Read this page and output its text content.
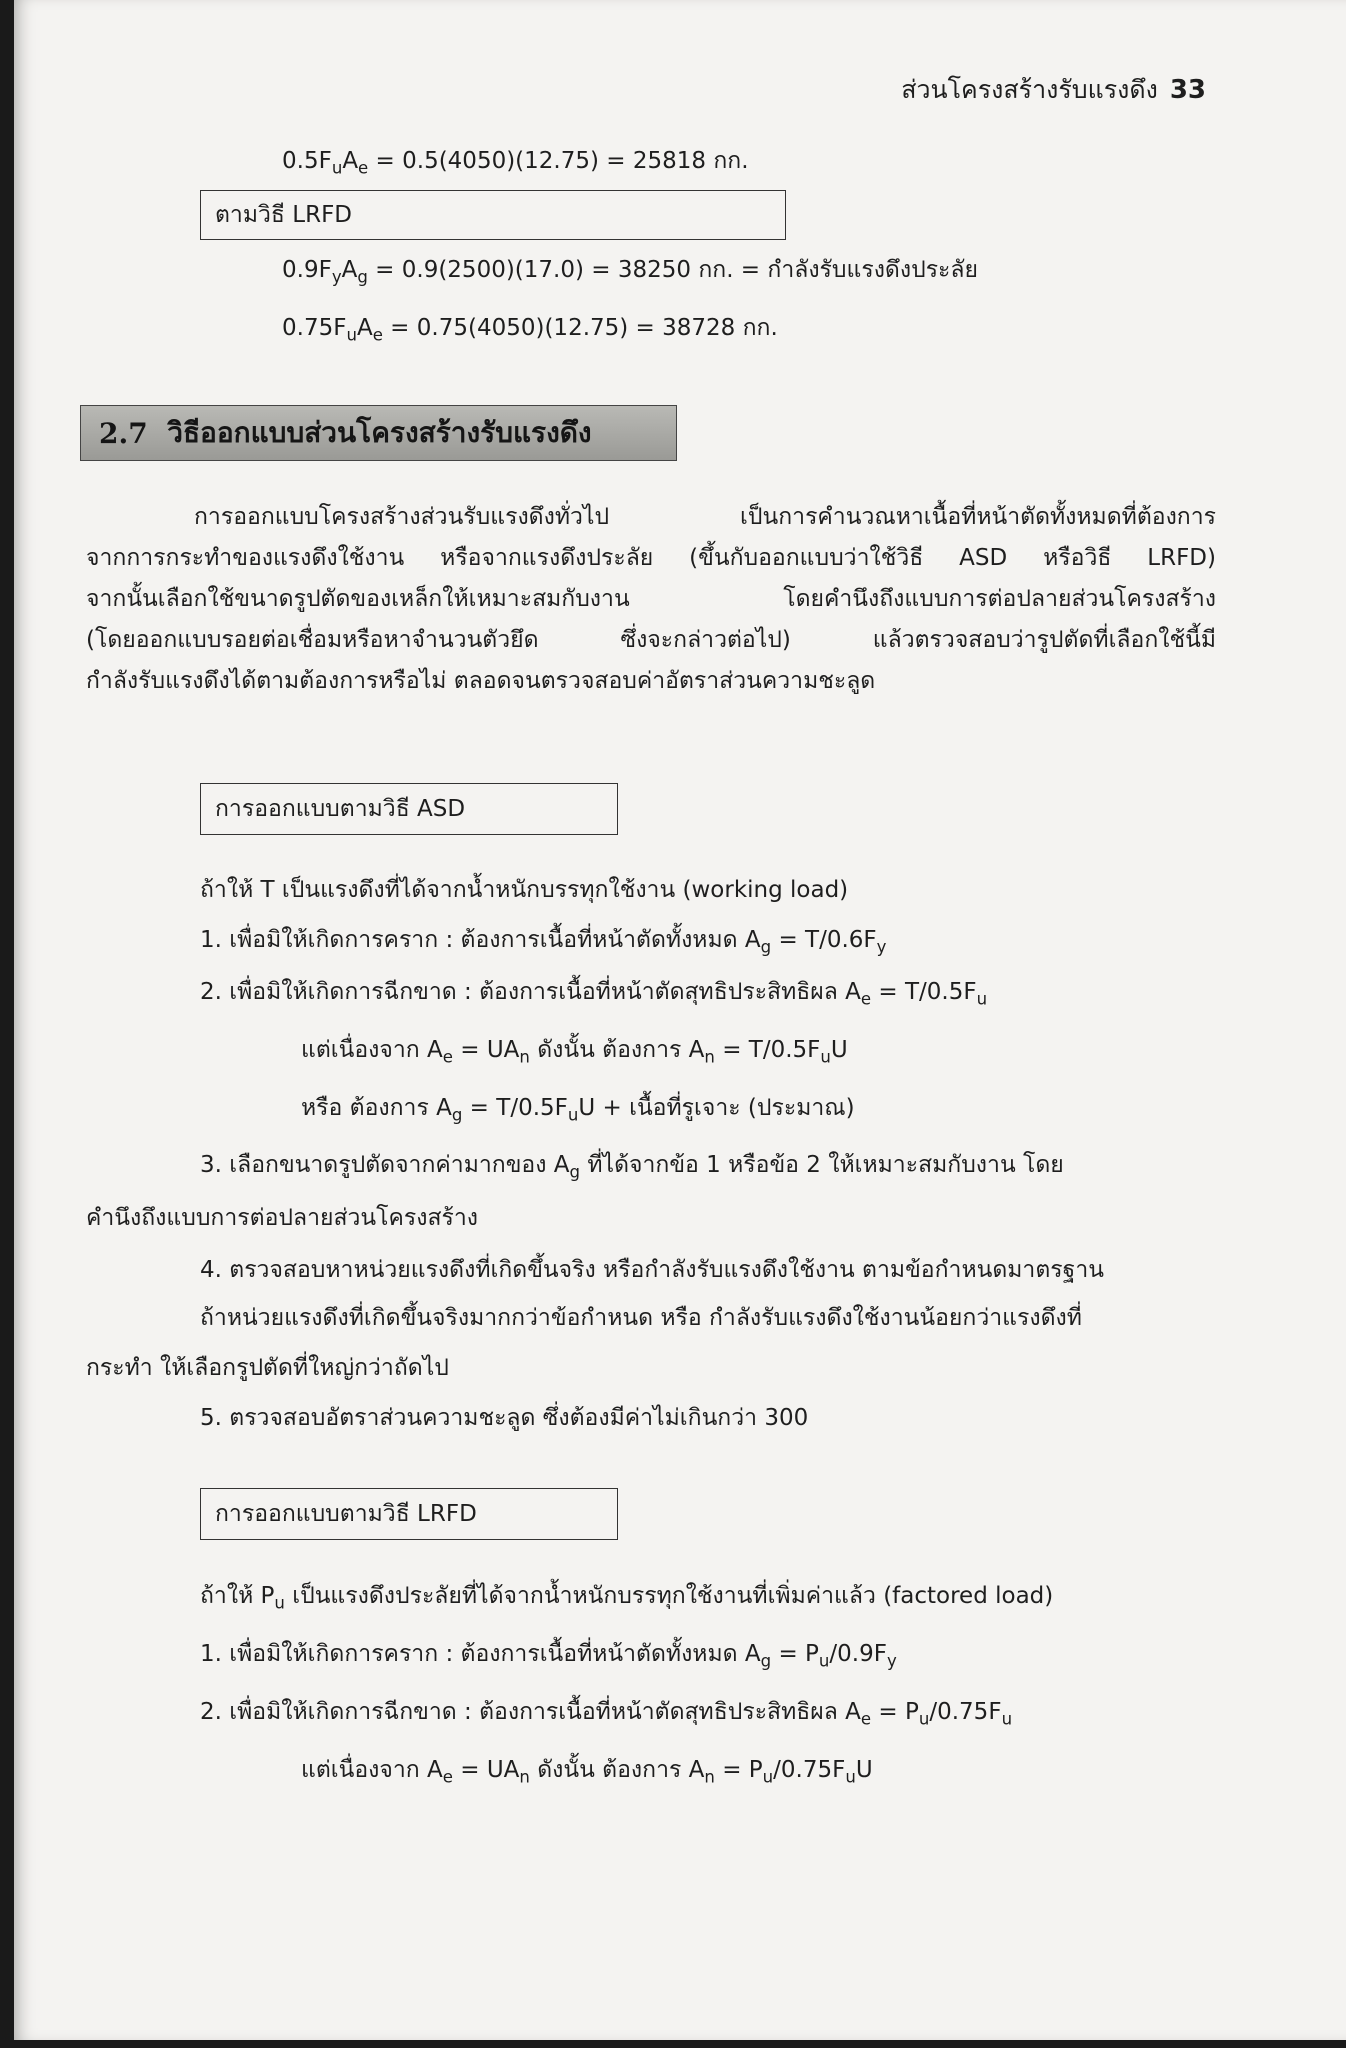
ส่วนโครงสร้างรับแรงดึง 33
$0.5F_uA_e = 0.5(4050)(12.75) = 25818$ กก.
ตามวิธี LRFD
$0.9F_yA_g = 0.9(2500)(17.0) = 38250$ กก. = กำลังรับแรงดึงประลัย
$0.75F_uA_e = 0.75(4050)(12.75) = 38728$ กก.
2.7
วิธีออกแบบส่วนโครงสร้างรับแรงดึง
การออกแบบโครงสร้างส่วนรับแรงดึงทั่วไป เป็นการคำนวณหาเนื้อที่หน้าตัดทั้งหมดที่ต้องการ
จากการกระทำของแรงดึงใช้งาน หรือจากแรงดึงประลัย (ขึ้นกับออกแบบว่าใช้วิธี ASD หรือวิธี LRFD)
จากนั้นเลือกใช้ขนาดรูปตัดของเหล็กให้เหมาะสมกับงาน โดยคำนึงถึงแบบการต่อปลายส่วนโครงสร้าง
(โดยออกแบบรอยต่อเชื่อมหรือหาจำนวนตัวยึด ซึ่งจะกล่าวต่อไป) แล้วตรวจสอบว่ารูปตัดที่เลือกใช้นี้มี
กำลังรับแรงดึงได้ตามต้องการหรือไม่ ตลอดจนตรวจสอบค่าอัตราส่วนความชะลูด
การออกแบบตามวิธี ASD
ถ้าให้ T เป็นแรงดึงที่ได้จากน้ำหนักบรรทุกใช้งาน (working load)
1. เพื่อมิให้เกิดการคราก : ต้องการเนื้อที่หน้าตัดทั้งหมด $A_g = T/0.6F_y$
2. เพื่อมิให้เกิดการฉีกขาด : ต้องการเนื้อที่หน้าตัดสุทธิประสิทธิผล $A_e = T/0.5F_u$
แต่เนื่องจาก $A_e = UA_n$ ดังนั้น ต้องการ $A_n = T/0.5F_uU$
หรือ ต้องการ $A_g = T/0.5F_uU$ + เนื้อที่รูเจาะ (ประมาณ)
3. เลือกขนาดรูปตัดจากค่ามากของ $A_g$ ที่ได้จากข้อ 1 หรือข้อ 2 ให้เหมาะสมกับงาน โดย
คำนึงถึงแบบการต่อปลายส่วนโครงสร้าง
4. ตรวจสอบหาหน่วยแรงดึงที่เกิดขึ้นจริง หรือกำลังรับแรงดึงใช้งาน ตามข้อกำหนดมาตรฐาน
ถ้าหน่วยแรงดึงที่เกิดขึ้นจริงมากกว่าข้อกำหนด หรือ กำลังรับแรงดึงใช้งานน้อยกว่าแรงดึงที่
กระทำ ให้เลือกรูปตัดที่ใหญ่กว่าถัดไป
5. ตรวจสอบอัตราส่วนความชะลูด ซึ่งต้องมีค่าไม่เกินกว่า 300
การออกแบบตามวิธี LRFD
ถ้าให้ $P_u$ เป็นแรงดึงประลัยที่ได้จากน้ำหนักบรรทุกใช้งานที่เพิ่มค่าแล้ว (factored load)
1. เพื่อมิให้เกิดการคราก : ต้องการเนื้อที่หน้าตัดทั้งหมด $A_g = P_u/0.9F_y$
2. เพื่อมิให้เกิดการฉีกขาด : ต้องการเนื้อที่หน้าตัดสุทธิประสิทธิผล $A_e = P_u/0.75F_u$
แต่เนื่องจาก $A_e = UA_n$ ดังนั้น ต้องการ $A_n = P_u/0.75F_uU$
